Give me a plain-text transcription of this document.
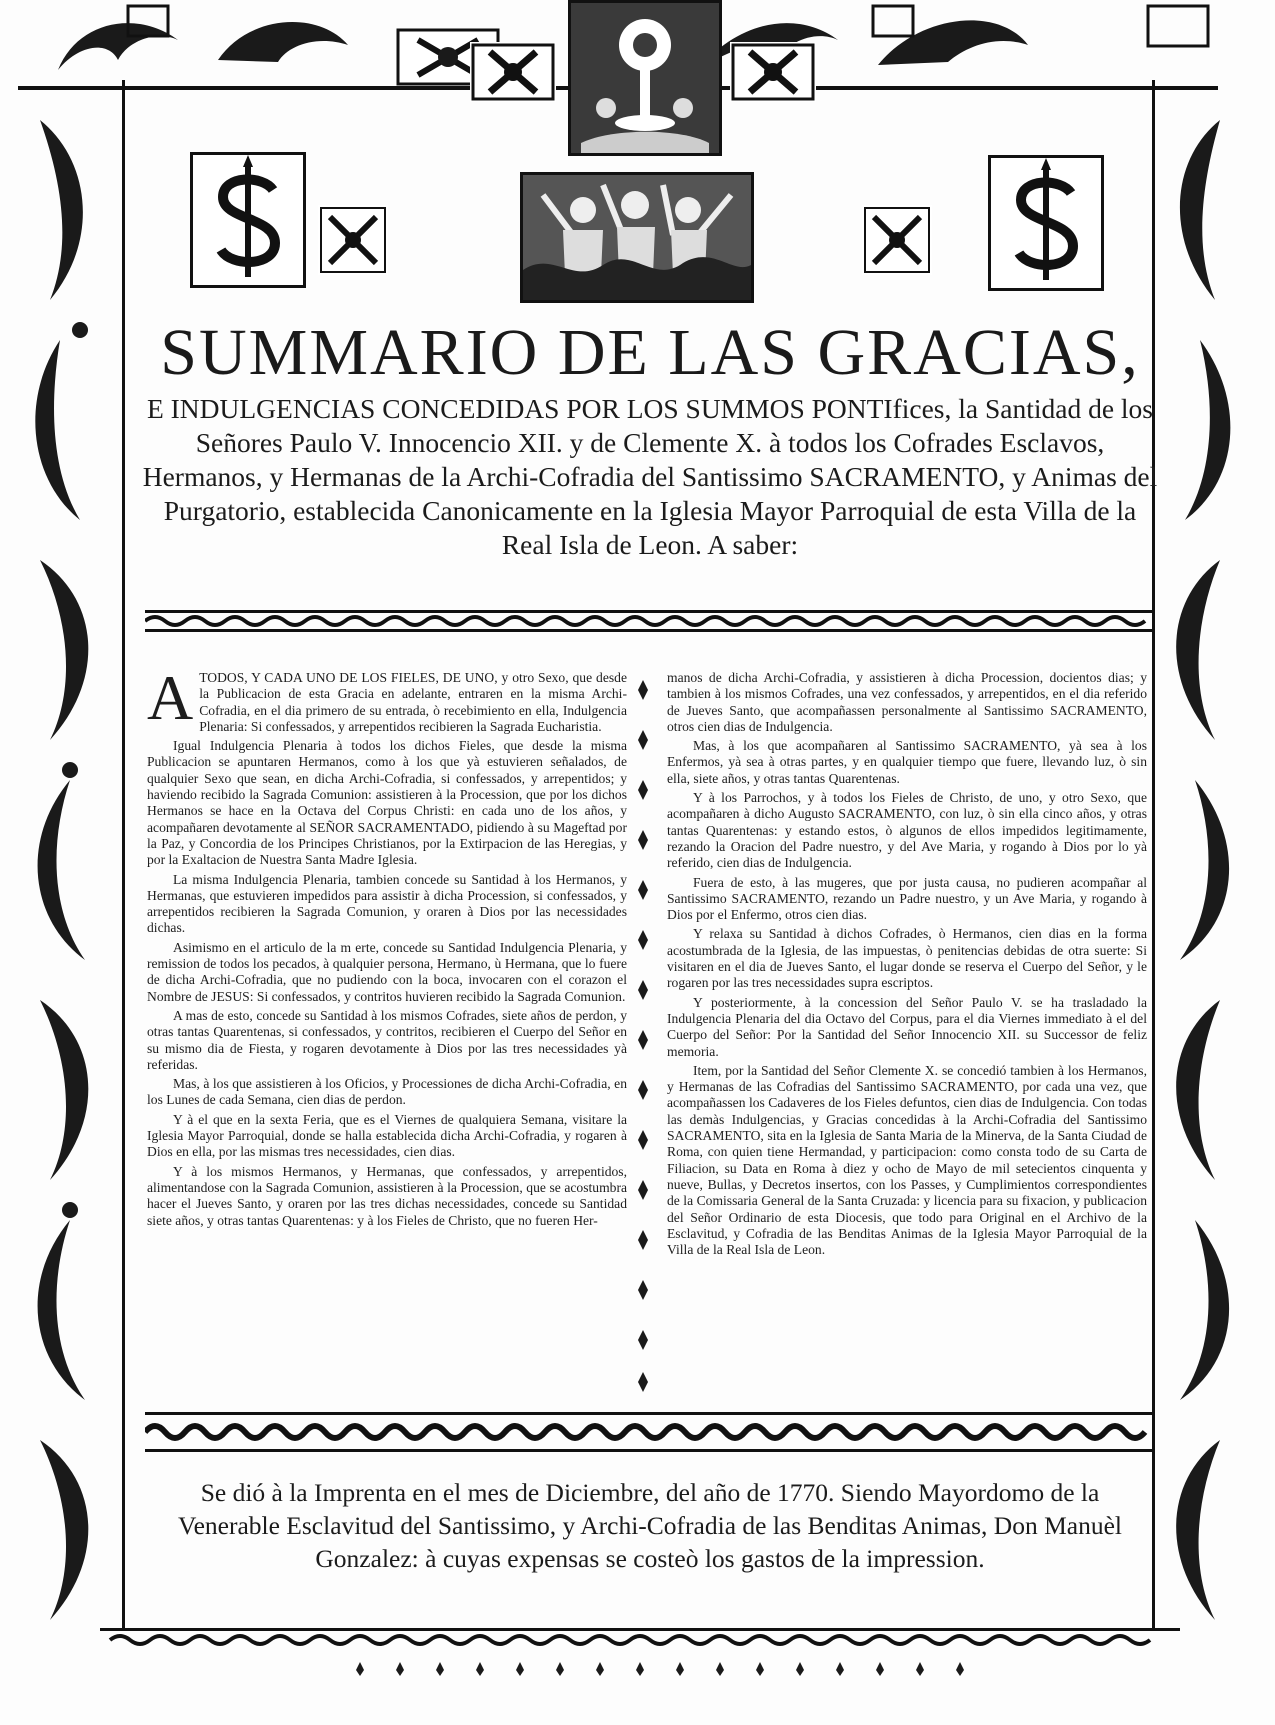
SUMMARIO DE LAS GRACIAS,

E INDULGENCIAS CONCEDIDAS POR LOS SUMMOS PONTIfices, la Santidad de los Señores Paulo V. Innocencio XII. y de Clemente X. à todos los Cofrades Esclavos, Hermanos, y Hermanas de la Archi-Cofradia del Santissimo SACRAMENTO, y Animas del Purgatorio, establecida Canonicamente en la Iglesia Mayor Parroquial de esta Villa de la Real Isla de Leon. A saber:

ATODOS, Y CADA UNO DE LOS FIELES, DE UNO, y otro Sexo, que desde la Publicacion de esta Gracia en adelante, entraren en la misma Archi-Cofradia, en el dia primero de su entrada, ò recebimiento en ella, Indulgencia Plenaria: Si confessados, y arrepentidos recibieren la Sagrada Eucharistia.

Igual Indulgencia Plenaria à todos los dichos Fieles, que desde la misma Publicacion se apuntaren Hermanos, como à los que yà estuvieren señalados, de qualquier Sexo que sean, en dicha Archi-Cofradia, si confessados, y arrepentidos; y haviendo recibido la Sagrada Comunion: assistieren à la Procession, que por los dichos Hermanos se hace en la Octava del Corpus Christi: en cada uno de los años, y acompañaren devotamente al SEÑOR SACRAMENTADO, pidiendo à su Mageftad por la Paz, y Concordia de los Principes Christianos, por la Extirpacion de las Heregias, y por la Exaltacion de Nuestra Santa Madre Iglesia.

La misma Indulgencia Plenaria, tambien concede su Santidad à los Hermanos, y Hermanas, que estuvieren impedidos para assistir à dicha Procession, si confessados, y arrepentidos recibieren la Sagrada Comunion, y oraren à Dios por las necessidades dichas.

Asimismo en el articulo de la m erte, concede su Santidad Indulgencia Plenaria, y remission de todos los pecados, à qualquier persona, Hermano, ù Hermana, que lo fuere de dicha Archi-Cofradia, que no pudiendo con la boca, invocaren con el corazon el Nombre de JESUS: Si confessados, y contritos huvieren recibido la Sagrada Comunion.

A mas de esto, concede su Santidad à los mismos Cofrades, siete años de perdon, y otras tantas Quarentenas, si confessados, y contritos, recibieren el Cuerpo del Señor en su mismo dia de Fiesta, y rogaren devotamente à Dios por las tres necessidades yà referidas.

Mas, à los que assistieren à los Oficios, y Processiones de dicha Archi-Cofradia, en los Lunes de cada Semana, cien dias de perdon.

Y à el que en la sexta Feria, que es el Viernes de qualquiera Semana, visitare la Iglesia Mayor Parroquial, donde se halla establecida dicha Archi-Cofradia, y rogaren à Dios en ella, por las mismas tres necessidades, cien dias.

Y à los mismos Hermanos, y Hermanas, que confessados, y arrepentidos, alimentandose con la Sagrada Comunion, assistieren à la Procession, que se acostumbra hacer el Jueves Santo, y oraren por las tres dichas necessidades, concede su Santidad siete años, y otras tantas Quarentenas: y à los Fieles de Christo, que no fueren Her-

manos de dicha Archi-Cofradia, y assistieren à dicha Procession, docientos dias; y tambien à los mismos Cofrades, una vez confessados, y arrepentidos, en el dia referido de Jueves Santo, que acompañassen personalmente al Santissimo SACRAMENTO, otros cien dias de Indulgencia.

Mas, à los que acompañaren al Santissimo SACRAMENTO, yà sea à los Enfermos, yà sea à otras partes, y en qualquier tiempo que fuere, llevando luz, ò sin ella, siete años, y otras tantas Quarentenas.

Y à los Parrochos, y à todos los Fieles de Christo, de uno, y otro Sexo, que acompañaren à dicho Augusto SACRAMENTO, con luz, ò sin ella cinco años, y otras tantas Quarentenas: y estando estos, ò algunos de ellos impedidos legitimamente, rezando la Oracion del Padre nuestro, y del Ave Maria, y rogando à Dios por lo yà referido, cien dias de Indulgencia.

Fuera de esto, à las mugeres, que por justa causa, no pudieren acompañar al Santissimo SACRAMENTO, rezando un Padre nuestro, y un Ave Maria, y rogando à Dios por el Enfermo, otros cien dias.

Y relaxa su Santidad à dichos Cofrades, ò Hermanos, cien dias en la forma acostumbrada de la Iglesia, de las impuestas, ò penitencias debidas de otra suerte: Si visitaren en el dia de Jueves Santo, el lugar donde se reserva el Cuerpo del Señor, y le rogaren por las tres necessidades supra escriptos.

Y posteriormente, à la concession del Señor Paulo V. se ha trasladado la Indulgencia Plenaria del dia Octavo del Corpus, para el dia Viernes immediato à el del Cuerpo del Señor: Por la Santidad del Señor Innocencio XII. su Successor de feliz memoria.

Item, por la Santidad del Señor Clemente X. se concedió tambien à los Hermanos, y Hermanas de las Cofradias del Santissimo SACRAMENTO, por cada una vez, que acompañassen los Cadaveres de los Fieles defuntos, cien dias de Indulgencia. Con todas las demàs Indulgencias, y Gracias concedidas à la Archi-Cofradia del Santissimo SACRAMENTO, sita en la Iglesia de Santa Maria de la Minerva, de la Santa Ciudad de Roma, con quien tiene Hermandad, y participacion: como consta todo de su Carta de Filiacion, su Data en Roma à diez y ocho de Mayo de mil setecientos cinquenta y nueve, Bullas, y Decretos insertos, con los Passes, y Cumplimientos correspondientes de la Comissaria General de la Santa Cruzada: y licencia para su fixacion, y publicacion del Señor Ordinario de esta Diocesis, que todo para Original en el Archivo de la Esclavitud, y Cofradia de las Benditas Animas de la Iglesia Mayor Parroquial de la Villa de la Real Isla de Leon.

Se dió à la Imprenta en el mes de Diciembre, del año de 1770. Siendo Mayordomo de la Venerable Esclavitud del Santissimo, y Archi-Cofradia de las Benditas Animas, Don Manuèl Gonzalez: à cuyas expensas se costeò los gastos de la impression.
